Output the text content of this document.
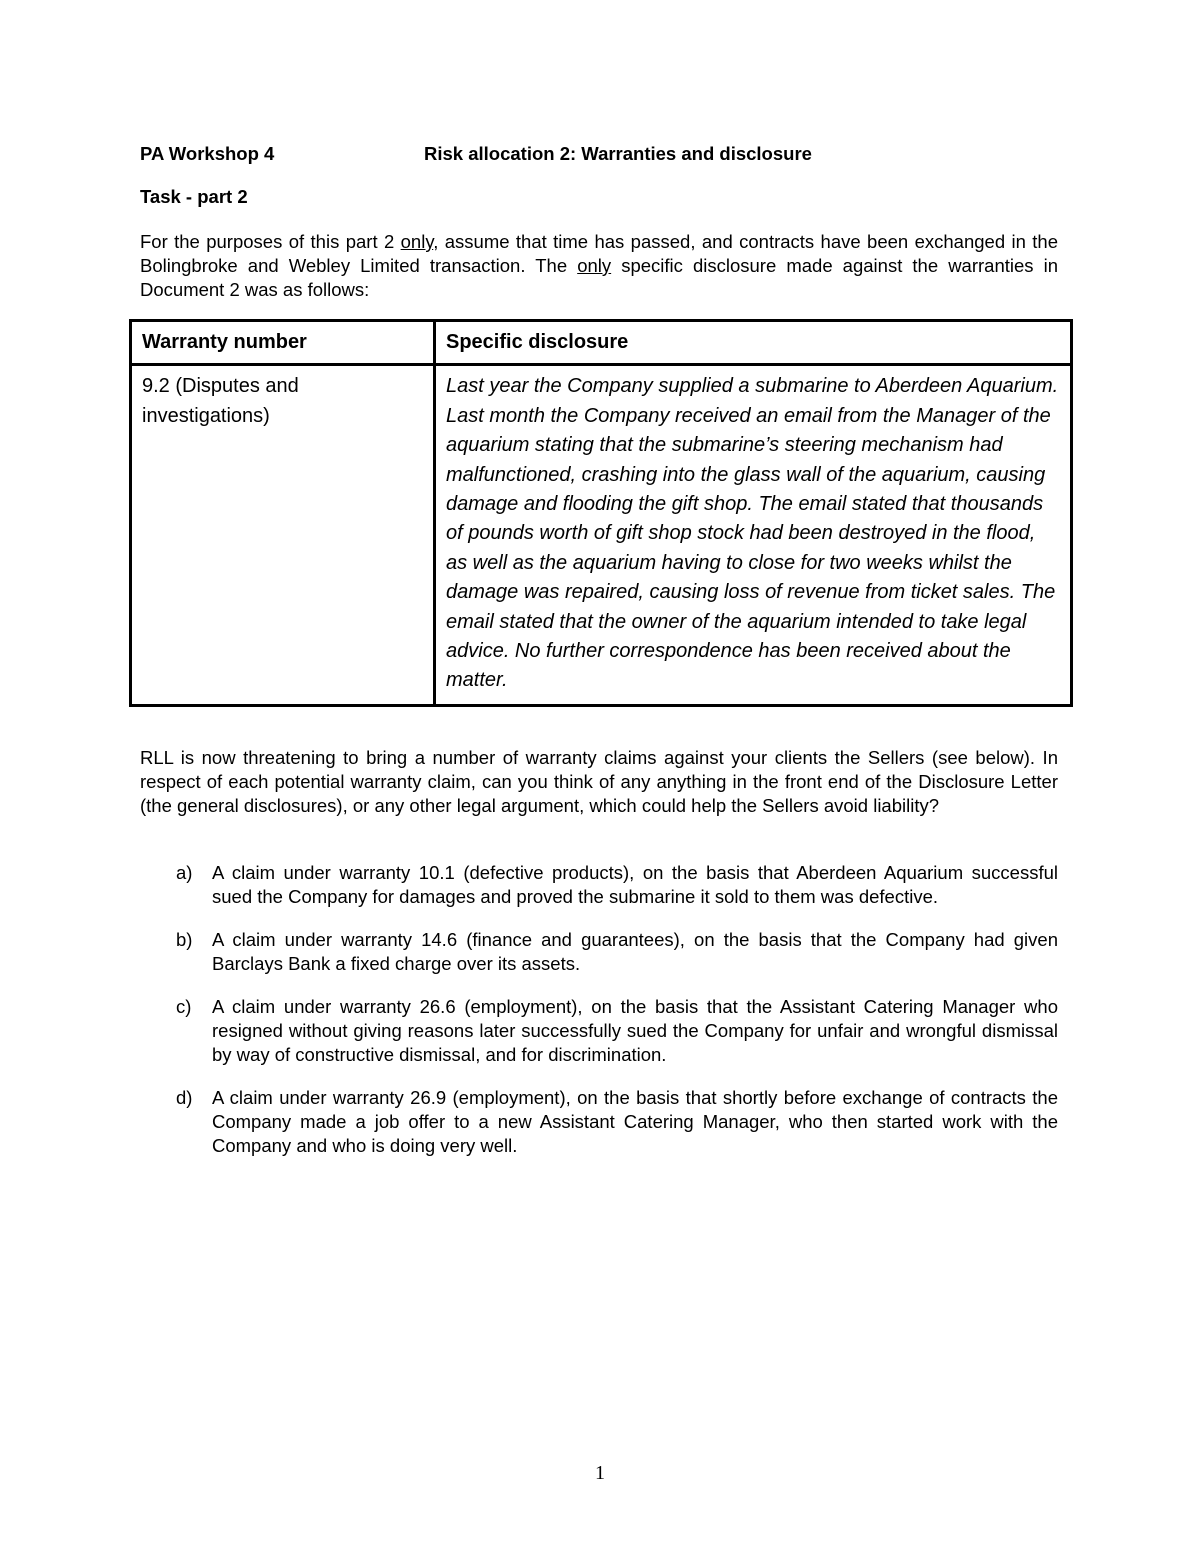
PA Workshop 4	Risk allocation 2: Warranties and disclosure
Task - part 2
For the purposes of this part 2 only, assume that time has passed, and contracts have been exchanged in the Bolingbroke and Webley Limited transaction. The only specific disclosure made against the warranties in Document 2 was as follows:
Warranty number	Specific disclosure
9.2 (Disputes and investigations)	Last year the Company supplied a submarine to Aberdeen Aquarium. Last month the Company received an email from the Manager of the aquarium stating that the submarine’s steering mechanism had malfunctioned, crashing into the glass wall of the aquarium, causing damage and flooding the gift shop. The email stated that thousands of pounds worth of gift shop stock had been destroyed in the flood, as well as the aquarium having to close for two weeks whilst the damage was repaired, causing loss of revenue from ticket sales. The email stated that the owner of the aquarium intended to take legal advice. No further correspondence has been received about the matter.
RLL is now threatening to bring a number of warranty claims against your clients the Sellers (see below). In respect of each potential warranty claim, can you think of any anything in the front end of the Disclosure Letter (the general disclosures), or any other legal argument, which could help the Sellers avoid liability?
a) A claim under warranty 10.1 (defective products), on the basis that Aberdeen Aquarium successful sued the Company for damages and proved the submarine it sold to them was defective.
b) A claim under warranty 14.6 (finance and guarantees), on the basis that the Company had given Barclays Bank a fixed charge over its assets.
c) A claim under warranty 26.6 (employment), on the basis that the Assistant Catering Manager who resigned without giving reasons later successfully sued the Company for unfair and wrongful dismissal by way of constructive dismissal, and for discrimination.
d) A claim under warranty 26.9 (employment), on the basis that shortly before exchange of contracts the Company made a job offer to a new Assistant Catering Manager, who then started work with the Company and who is doing very well.
1
